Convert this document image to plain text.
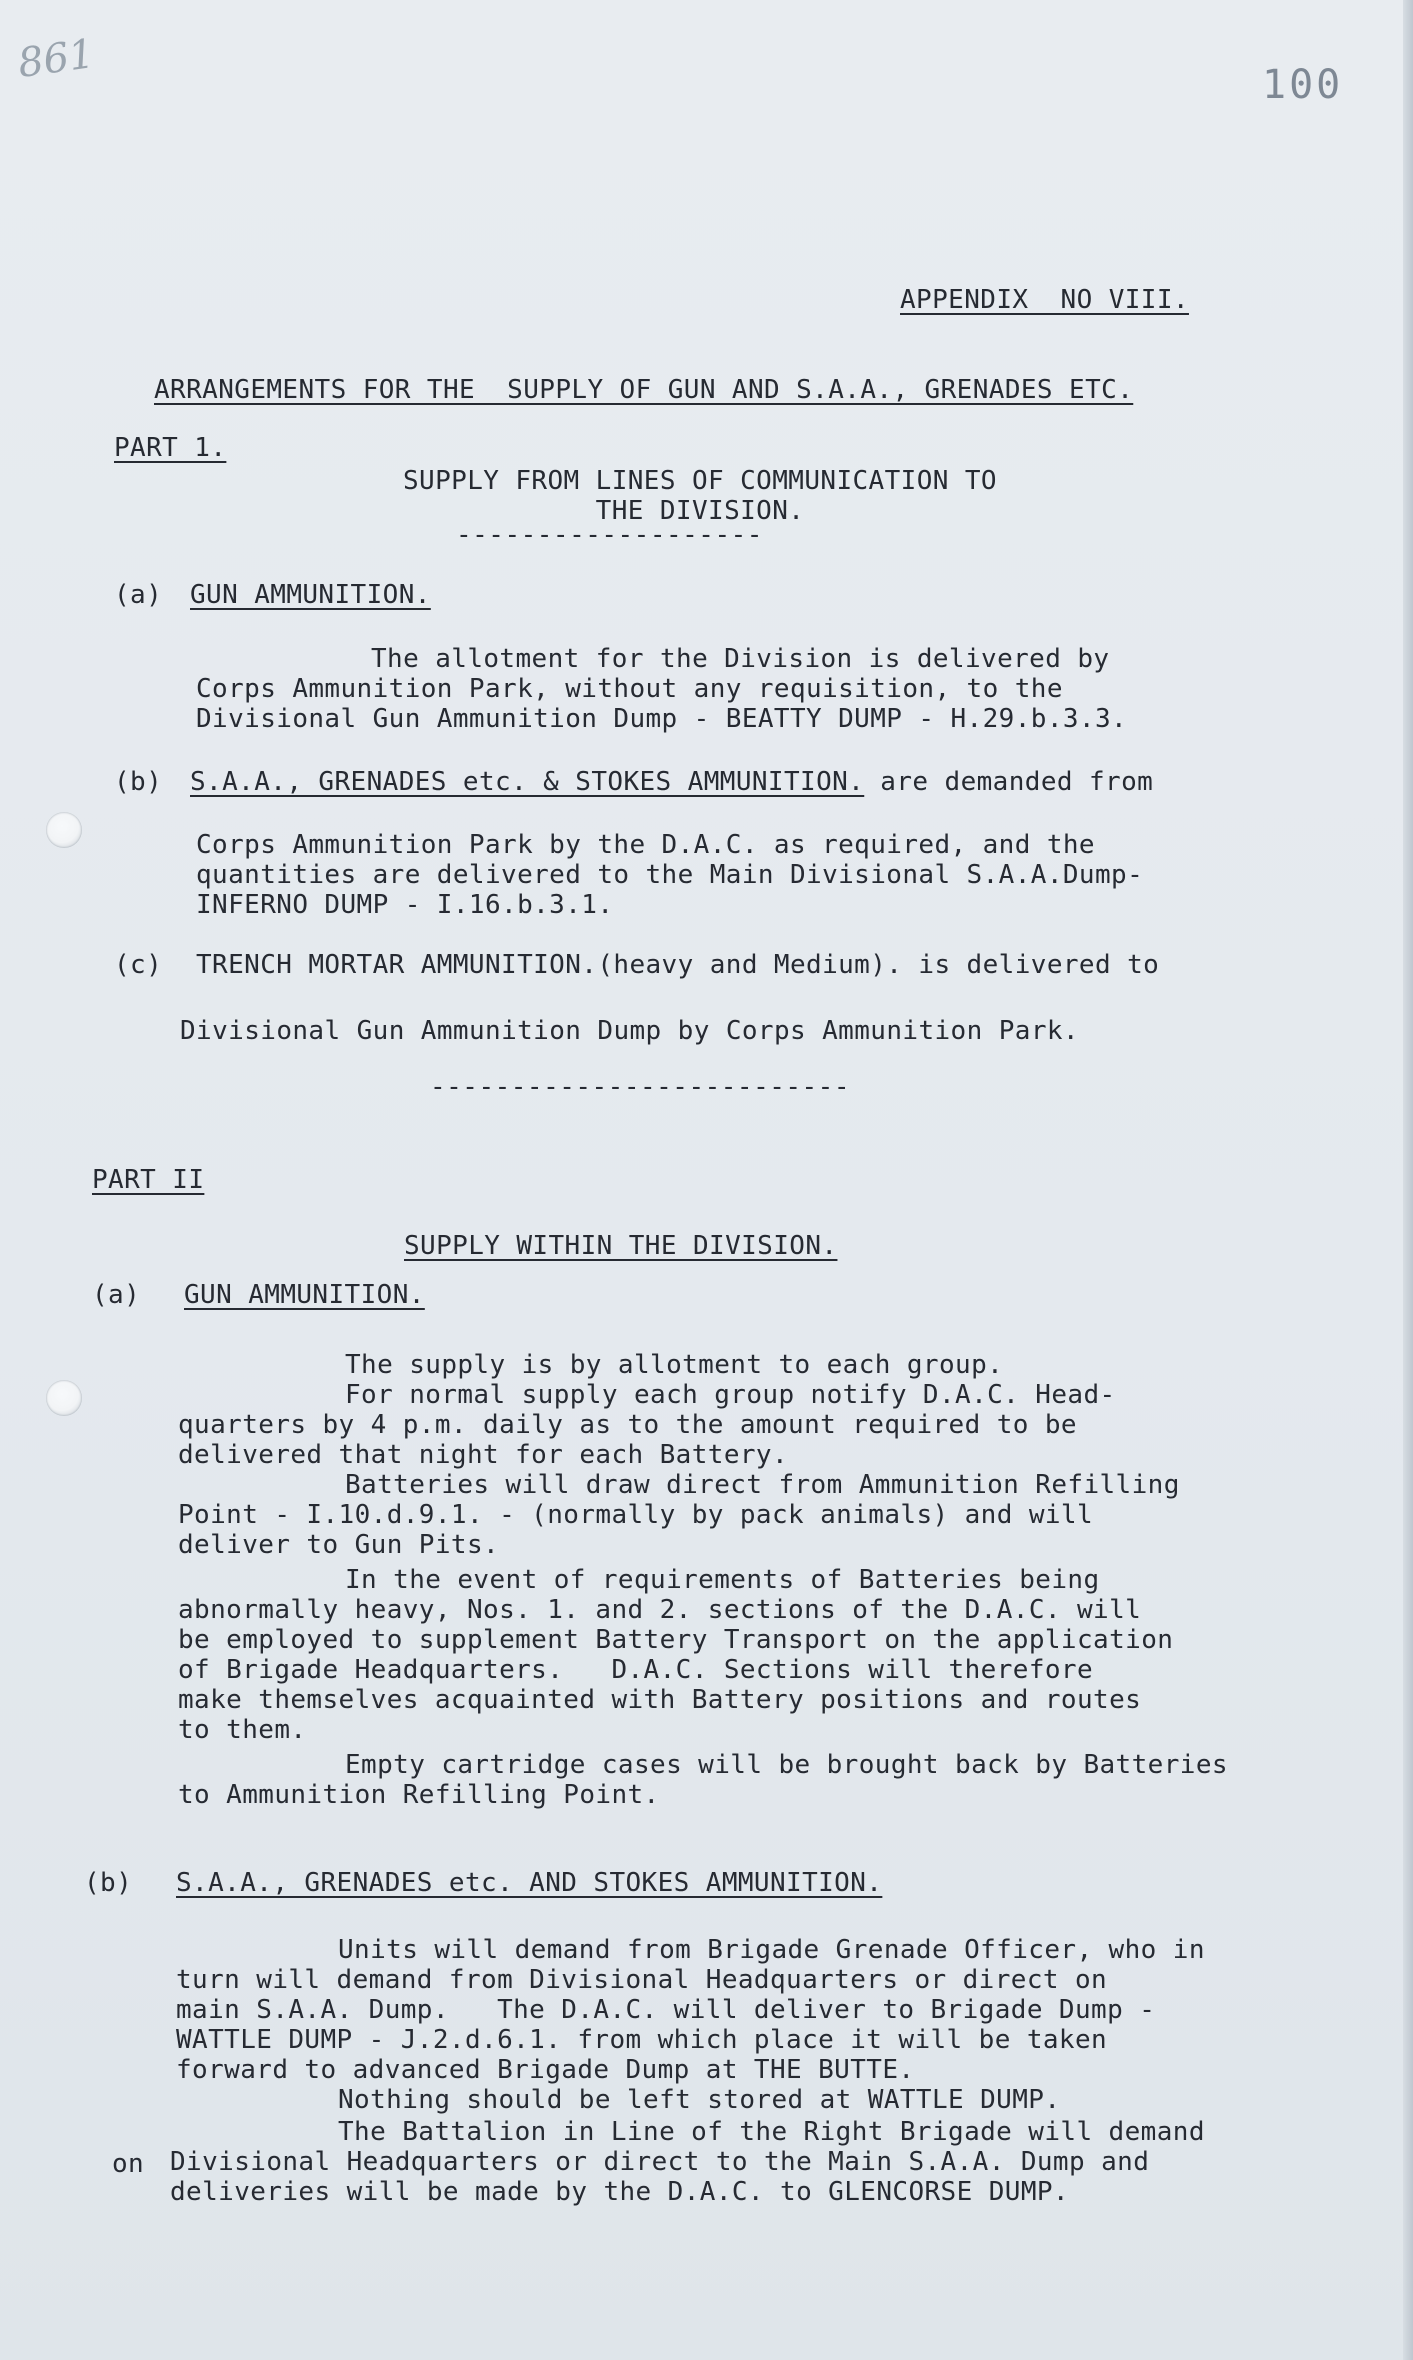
861	100
APPENDIX  NO VIII.
ARRANGEMENTS FOR THE  SUPPLY OF GUN AND S.A.A., GRENADES ETC.
PART 1.
SUPPLY FROM LINES OF COMMUNICATION TO
THE DIVISION.
-------------------
(a) GUN AMMUNITION.
The allotment for the Division is delivered by
Corps Ammunition Park, without any requisition, to the
Divisional Gun Ammunition Dump - BEATTY DUMP - H.29.b.3.3.
(b) S.A.A., GRENADES etc. & STOKES AMMUNITION. are demanded from
Corps Ammunition Park by the D.A.C. as required, and the
quantities are delivered to the Main Divisional S.A.A.Dump-
INFERNO DUMP - I.16.b.3.1.
(c) TRENCH MORTAR AMMUNITION.(heavy and Medium). is delivered to
Divisional Gun Ammunition Dump by Corps Ammunition Park.
--------------------------
PART II
SUPPLY WITHIN THE DIVISION.
(a) GUN AMMUNITION.
The supply is by allotment to each group.
For normal supply each group notify D.A.C. Head-
quarters by 4 p.m. daily as to the amount required to be
delivered that night for each Battery.
Batteries will draw direct from Ammunition Refilling
Point - I.10.d.9.1. - (normally by pack animals) and will
deliver to Gun Pits.
In the event of requirements of Batteries being
abnormally heavy, Nos. 1. and 2. sections of the D.A.C. will
be employed to supplement Battery Transport on the application
of Brigade Headquarters.   D.A.C. Sections will therefore
make themselves acquainted with Battery positions and routes
to them.
Empty cartridge cases will be brought back by Batteries
to Ammunition Refilling Point.
(b) S.A.A., GRENADES etc. AND STOKES AMMUNITION.
Units will demand from Brigade Grenade Officer, who in
turn will demand from Divisional Headquarters or direct on
main S.A.A. Dump.   The D.A.C. will deliver to Brigade Dump -
WATTLE DUMP - J.2.d.6.1. from which place it will be taken
forward to advanced Brigade Dump at THE BUTTE.
Nothing should be left stored at WATTLE DUMP.
The Battalion in Line of the Right Brigade will demand
on Divisional Headquarters or direct to the Main S.A.A. Dump and
deliveries will be made by the D.A.C. to GLENCORSE DUMP.
